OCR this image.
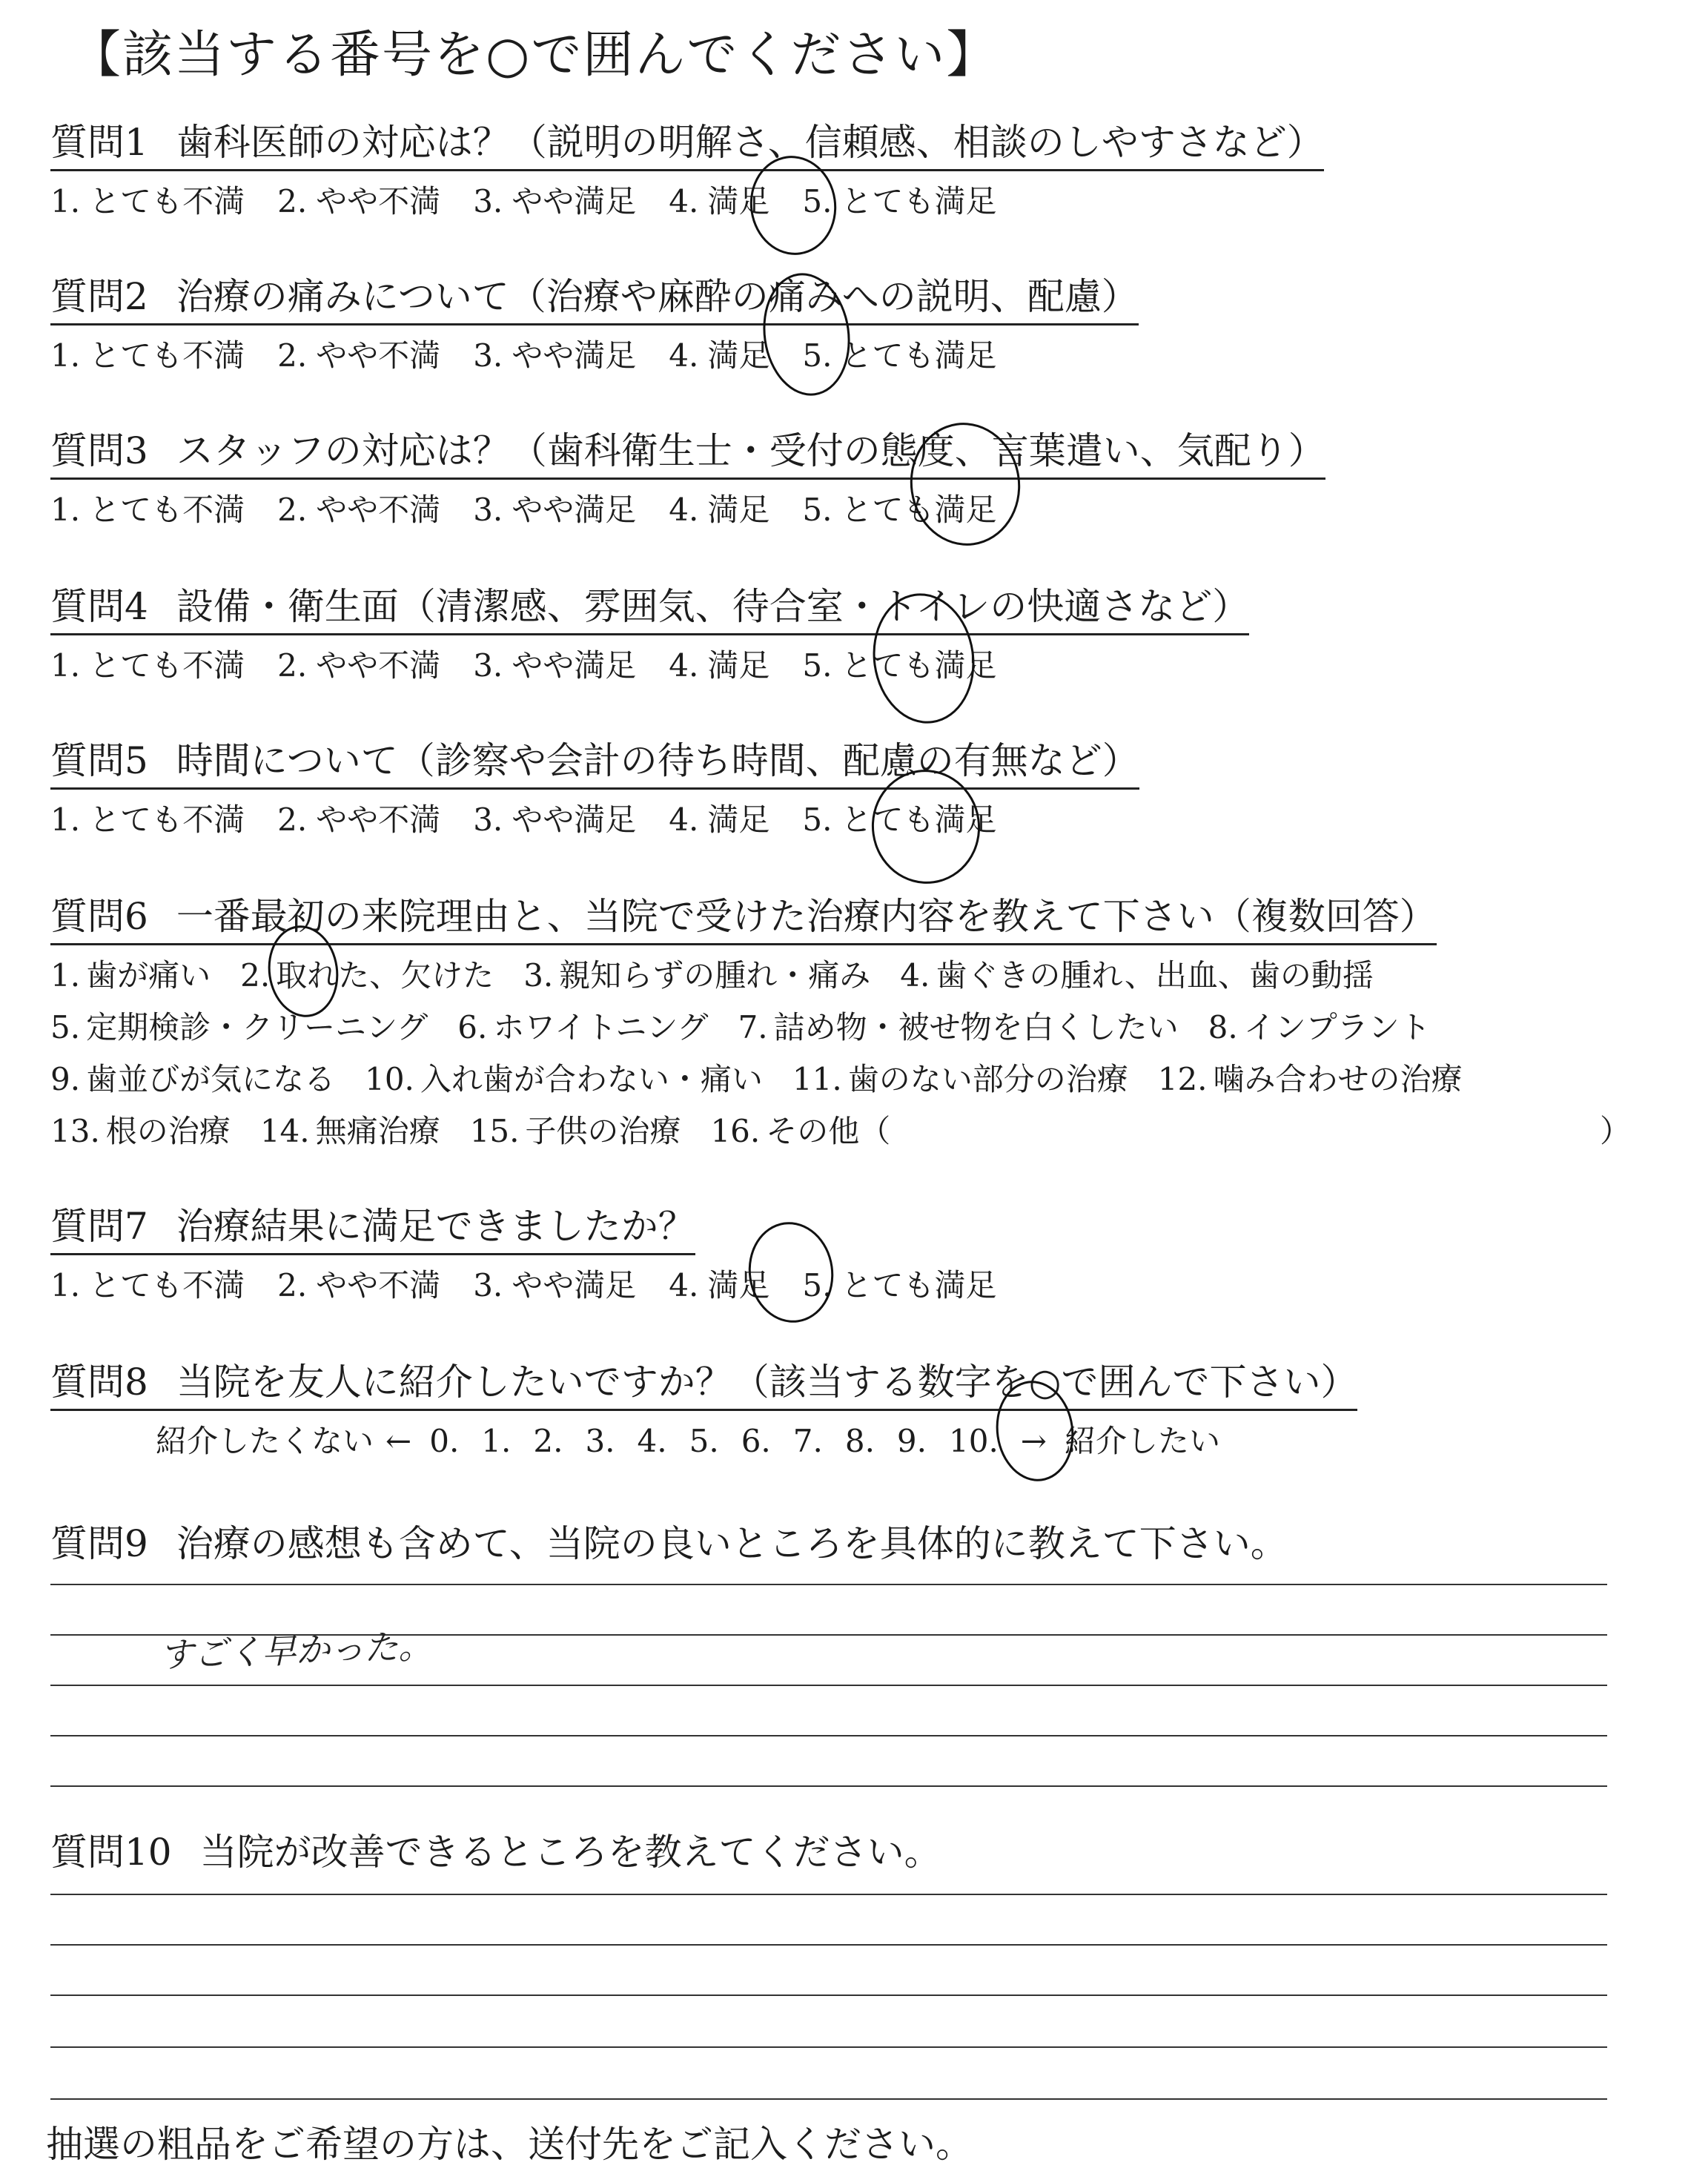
【該当する番号を○で囲んでください】
質問1 歯科医師の対応は？（説明の明解さ、信頼感、相談のしやすさなど）
1. とても不満 2. やや不満 3. やや満足 4. 満足 5. とても満足
質問2 治療の痛みについて（治療や麻酔の痛みへの説明、配慮）
1. とても不満 2. やや不満 3. やや満足 4. 満足 5. とても満足
質問3 スタッフの対応は？（歯科衛生士・受付の態度、言葉遣い、気配り）
1. とても不満 2. やや不満 3. やや満足 4. 満足 5. とても満足
質問4 設備・衛生面（清潔感、雰囲気、待合室・トイレの快適さなど）
1. とても不満 2. やや不満 3. やや満足 4. 満足 5. とても満足
質問5 時間について（診察や会計の待ち時間、配慮の有無など）
1. とても不満 2. やや不満 3. やや満足 4. 満足 5. とても満足
質問6 一番最初の来院理由と、当院で受けた治療内容を教えて下さい（複数回答）
1. 歯が痛い 2. 取れた、欠けた 3. 親知らずの腫れ・痛み 4. 歯ぐきの腫れ、出血、歯の動揺
5. 定期検診・クリーニング 6. ホワイトニング 7. 詰め物・被せ物を白くしたい 8. インプラント
9. 歯並びが気になる 10. 入れ歯が合わない・痛い 11. 歯のない部分の治療 12. 噛み合わせの治療
13. 根の治療 14. 無痛治療 15. 子供の治療 16. その他（	）
質問7 治療結果に満足できましたか？
1. とても不満 2. やや不満 3. やや満足 4. 満足 5. とても満足
質問8 当院を友人に紹介したいですか？（該当する数字を○で囲んで下さい）
紹介したくない ← 0. 1. 2. 3. 4. 5. 6. 7. 8. 9. 10. → 紹介したい
質問9 治療の感想も含めて、当院の良いところを具体的に教えて下さい。
すごく早かった。
質問10 当院が改善できるところを教えてください。
抽選の粗品をご希望の方は、送付先をご記入ください。
